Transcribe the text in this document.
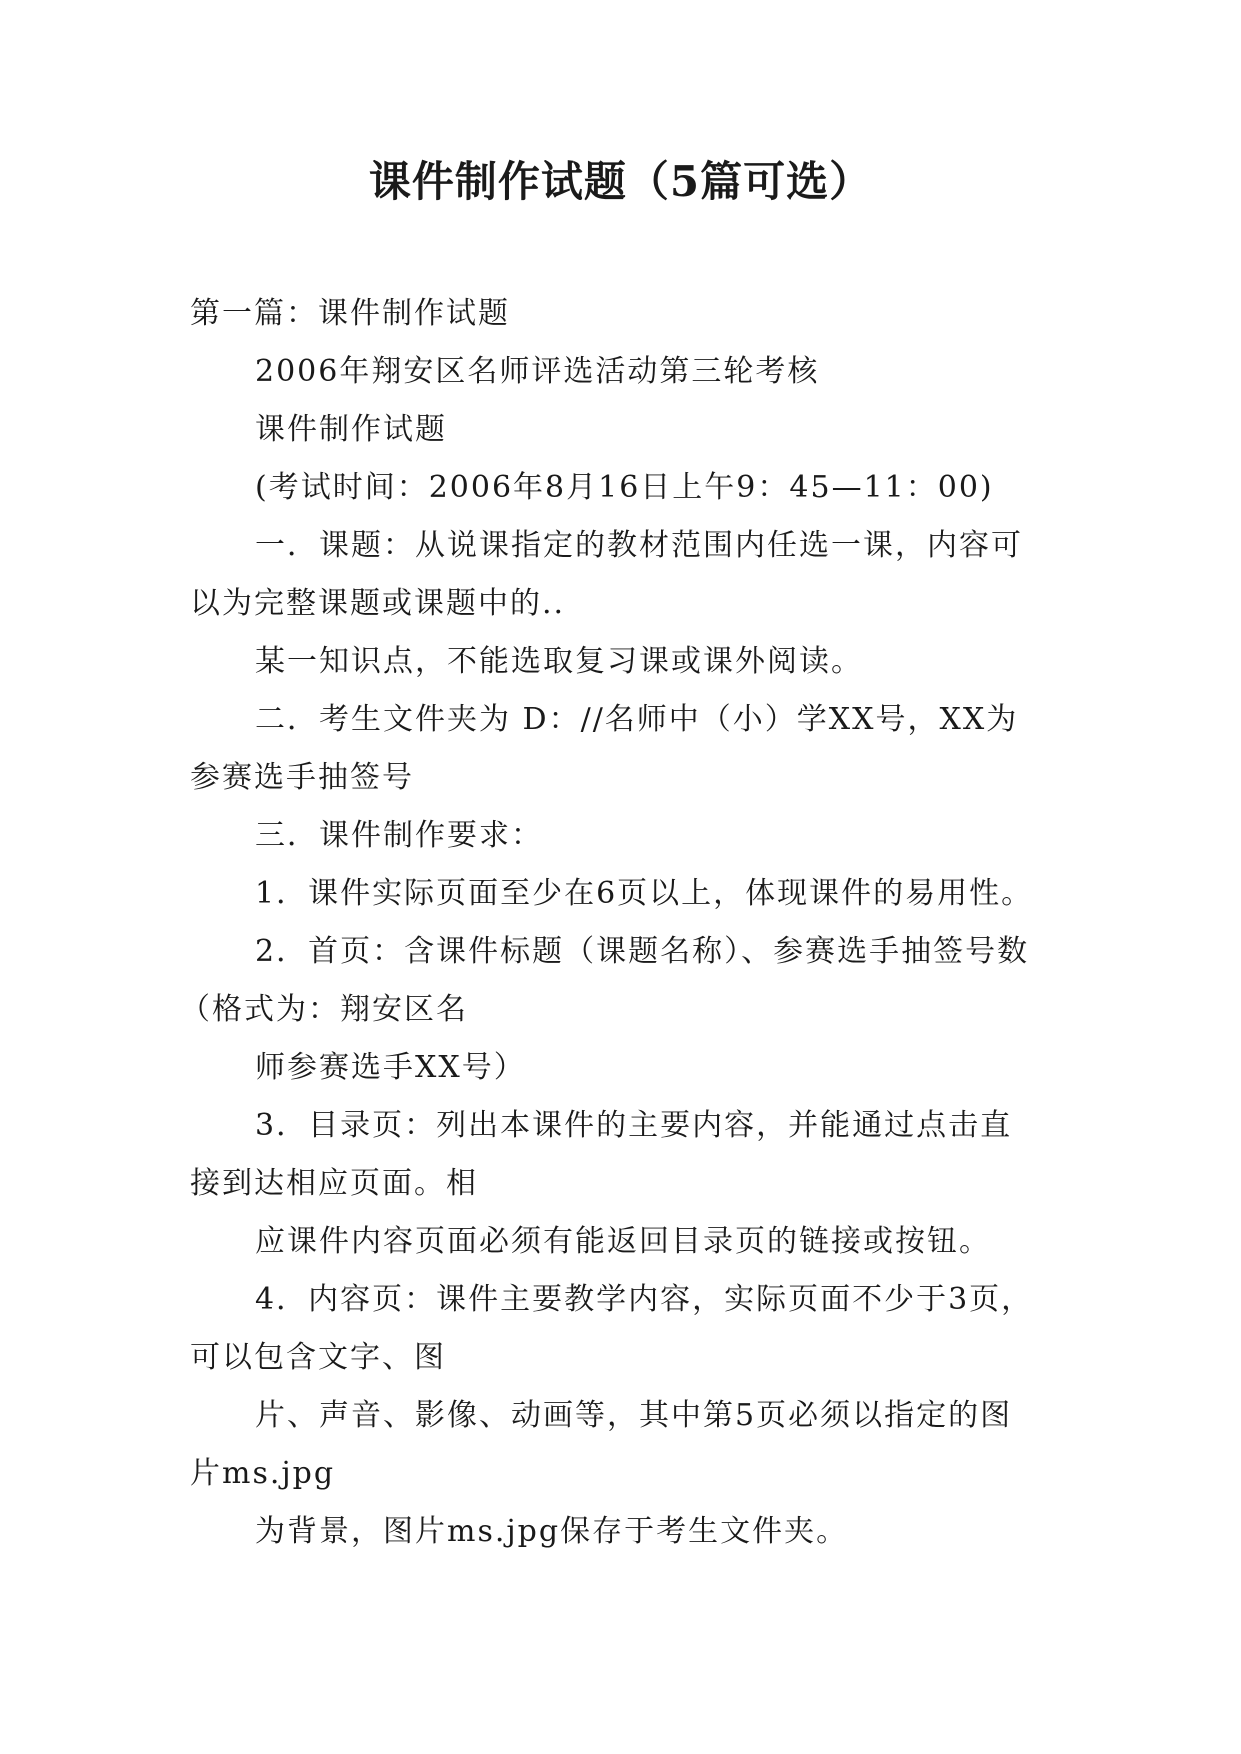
课件制作试题（5篇可选）
第一篇：课件制作试题
2006年翔安区名师评选活动第三轮考核
课件制作试题
(考试时间：2006年8月16日上午9：45—11：00)
一．课题：从说课指定的教材范围内任选一课，内容可
以为完整课题或课题中的..
某一知识点，不能选取复习课或课外阅读。
二．考生文件夹为 D：//名师中（小）学XX号，XX为
参赛选手抽签号
三．课件制作要求：
1．课件实际页面至少在6页以上，体现课件的易用性。
2．首页：含课件标题（课题名称）、参赛选手抽签号数
（格式为：翔安区名
师参赛选手XX号）
3．目录页：列出本课件的主要内容，并能通过点击直
接到达相应页面。相
应课件内容页面必须有能返回目录页的链接或按钮。
4．内容页：课件主要教学内容，实际页面不少于3页，
可以包含文字、图
片、声音、影像、动画等，其中第5页必须以指定的图
片ms.jpg
为背景，图片ms.jpg保存于考生文件夹。
